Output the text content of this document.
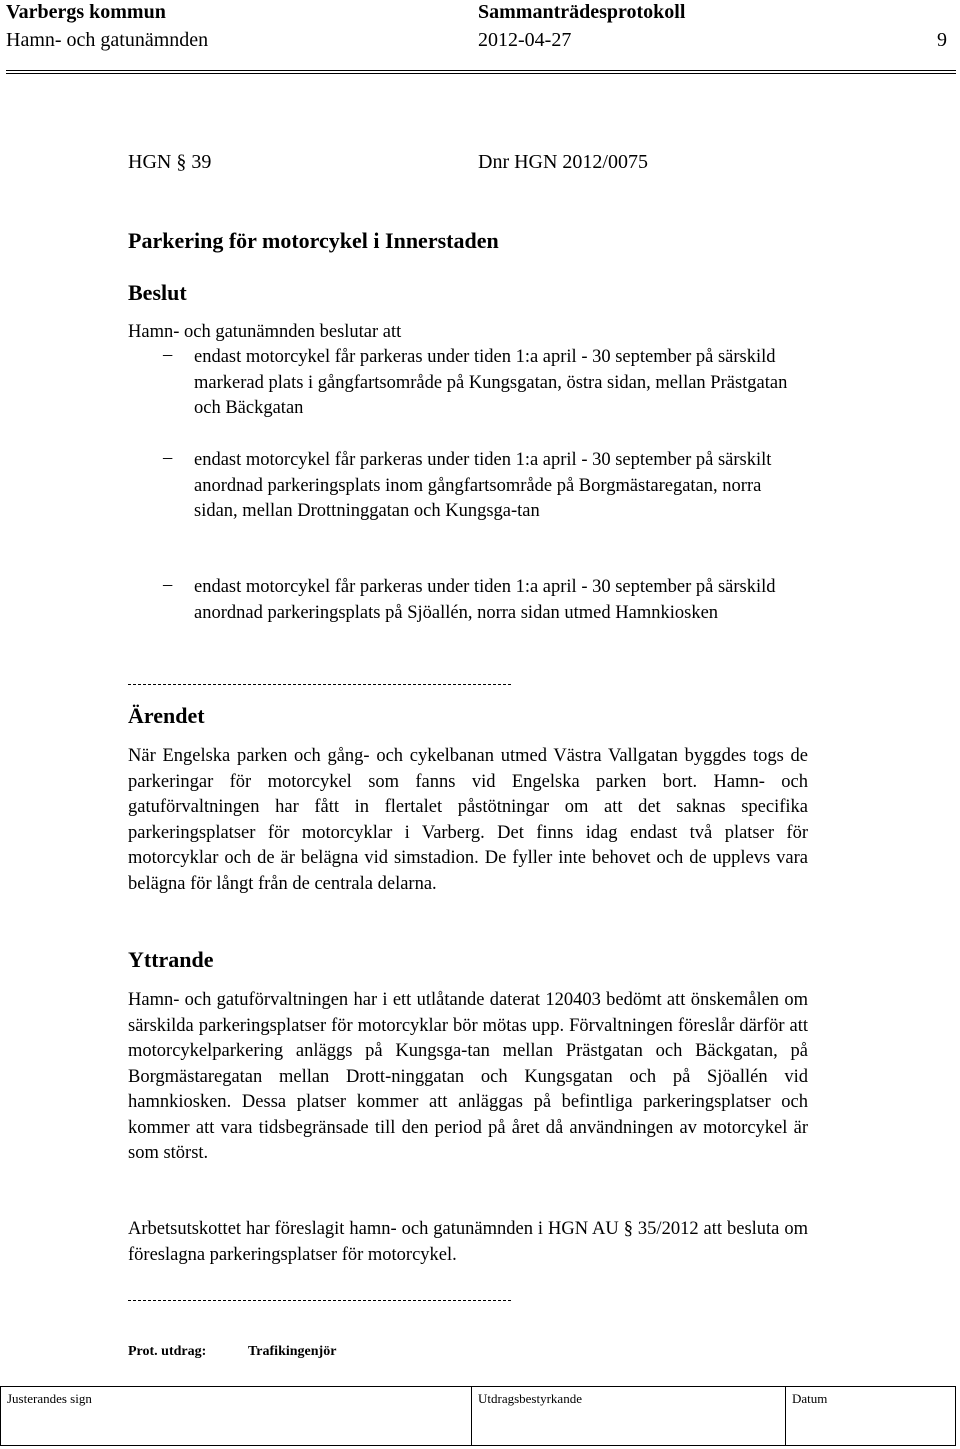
Varbergs kommun	Sammanträdesprotokoll
Hamn- och gatunämnden	2012-04-27	9
HGN § 39	Dnr HGN 2012/0075
Parkering för motorcykel i Innerstaden
Beslut
Hamn- och gatunämnden beslutar att
– endast motorcykel får parkeras under tiden 1:a april - 30 september på särskild markerad plats i gångfartsområde på Kungsgatan, östra sidan, mellan Prästgatan och Bäckgatan
– endast motorcykel får parkeras under tiden 1:a april - 30 september på särskilt anordnad parkeringsplats inom gångfartsområde på Borgmästaregatan, norra sidan, mellan Drottninggatan och Kungsga-tan
– endast motorcykel får parkeras under tiden 1:a april - 30 september på särskild anordnad parkeringsplats på Sjöallén, norra sidan utmed Hamnkiosken
Ärendet
När Engelska parken och gång- och cykelbanan utmed Västra Vallgatan byggdes togs de parkeringar för motorcykel som fanns vid Engelska parken bort. Hamn- och gatuförvaltningen har fått in flertalet påstötningar om att det saknas specifika parkeringsplatser för motorcyklar i Varberg. Det finns idag endast två platser för motorcyklar och de är belägna vid simstadion. De fyller inte behovet och de upplevs vara belägna för långt från de centrala delarna.
Yttrande
Hamn- och gatuförvaltningen har i ett utlåtande daterat 120403 bedömt att önskemålen om särskilda parkeringsplatser för motorcyklar bör mötas upp. Förvaltningen föreslår därför att motorcykelparkering anläggs på Kungsga-tan mellan Prästgatan och Bäckgatan, på Borgmästaregatan mellan Drott-ninggatan och Kungsgatan och på Sjöallén vid hamnkiosken. Dessa platser kommer att anläggas på befintliga parkeringsplatser och kommer att vara tidsbegränsade till den period på året då användningen av motorcykel är som störst.
Arbetsutskottet har föreslagit hamn- och gatunämnden i HGN AU § 35/2012 att besluta om föreslagna parkeringsplatser för motorcykel.
Prot. utdrag:	Trafikingenjör
Justerandes sign	Utdragsbestyrkande	Datum
